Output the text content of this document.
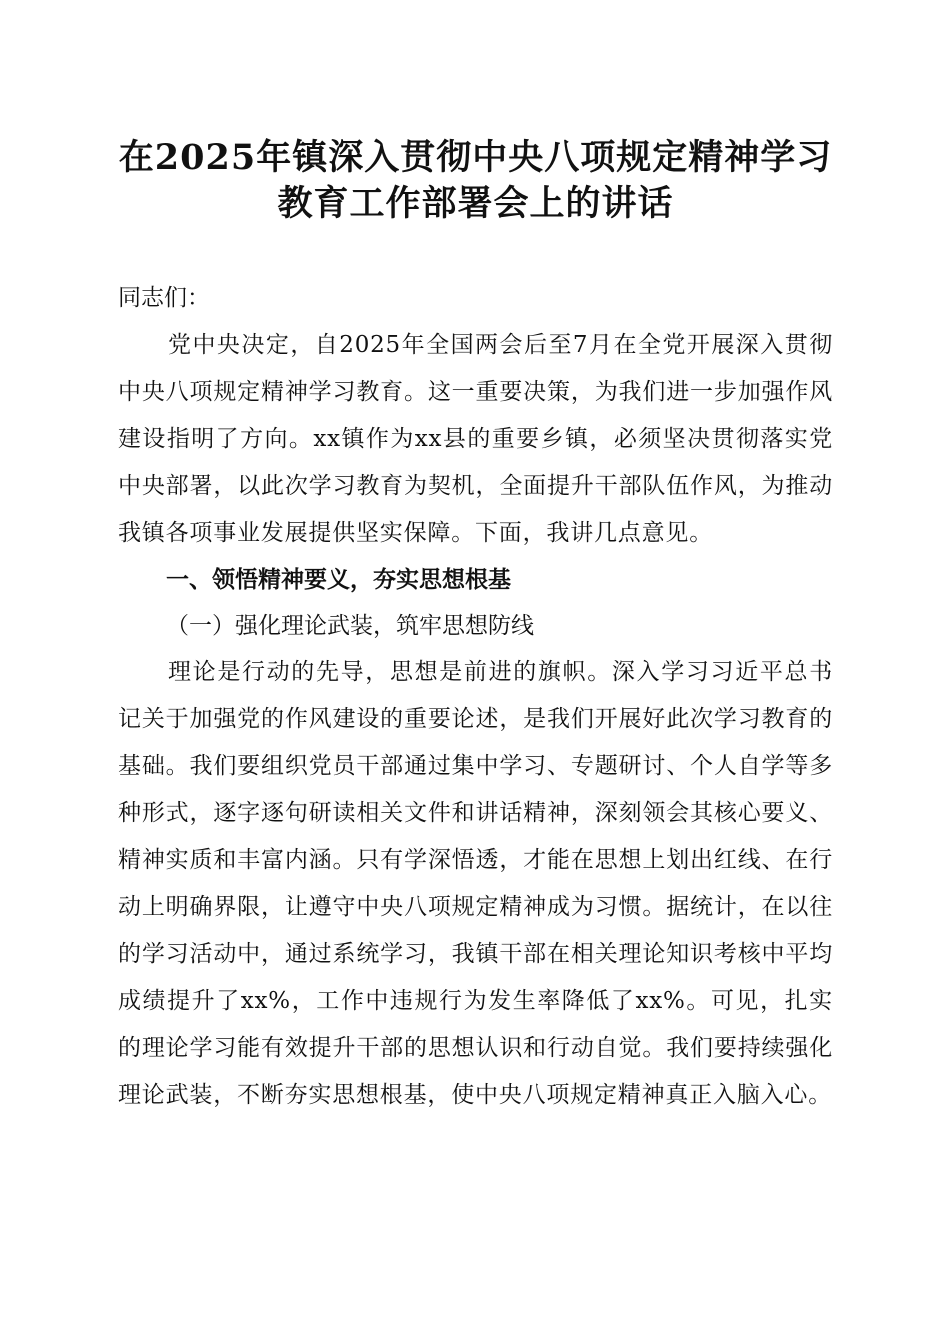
在2025年镇深入贯彻中央八项规定精神学习
教育工作部署会上的讲话

同志们：

党中央决定，自2025年全国两会后至7月在全党开展深入贯彻中央八项规定精神学习教育。这一重要决策，为我们进一步加强作风建设指明了方向。xx镇作为xx县的重要乡镇，必须坚决贯彻落实党中央部署，以此次学习教育为契机，全面提升干部队伍作风，为推动我镇各项事业发展提供坚实保障。下面，我讲几点意见。

一、领悟精神要义，夯实思想根基

（一）强化理论武装，筑牢思想防线

理论是行动的先导，思想是前进的旗帜。深入学习习近平总书记关于加强党的作风建设的重要论述，是我们开展好此次学习教育的基础。我们要组织党员干部通过集中学习、专题研讨、个人自学等多种形式，逐字逐句研读相关文件和讲话精神，深刻领会其核心要义、精神实质和丰富内涵。只有学深悟透，才能在思想上划出红线、在行动上明确界限，让遵守中央八项规定精神成为习惯。据统计，在以往的学习活动中，通过系统学习，我镇干部在相关理论知识考核中平均成绩提升了xx%，工作中违规行为发生率降低了xx%。可见，扎实的理论学习能有效提升干部的思想认识和行动自觉。我们要持续强化理论武装，不断夯实思想根基，使中央八项规定精神真正入脑入心。
